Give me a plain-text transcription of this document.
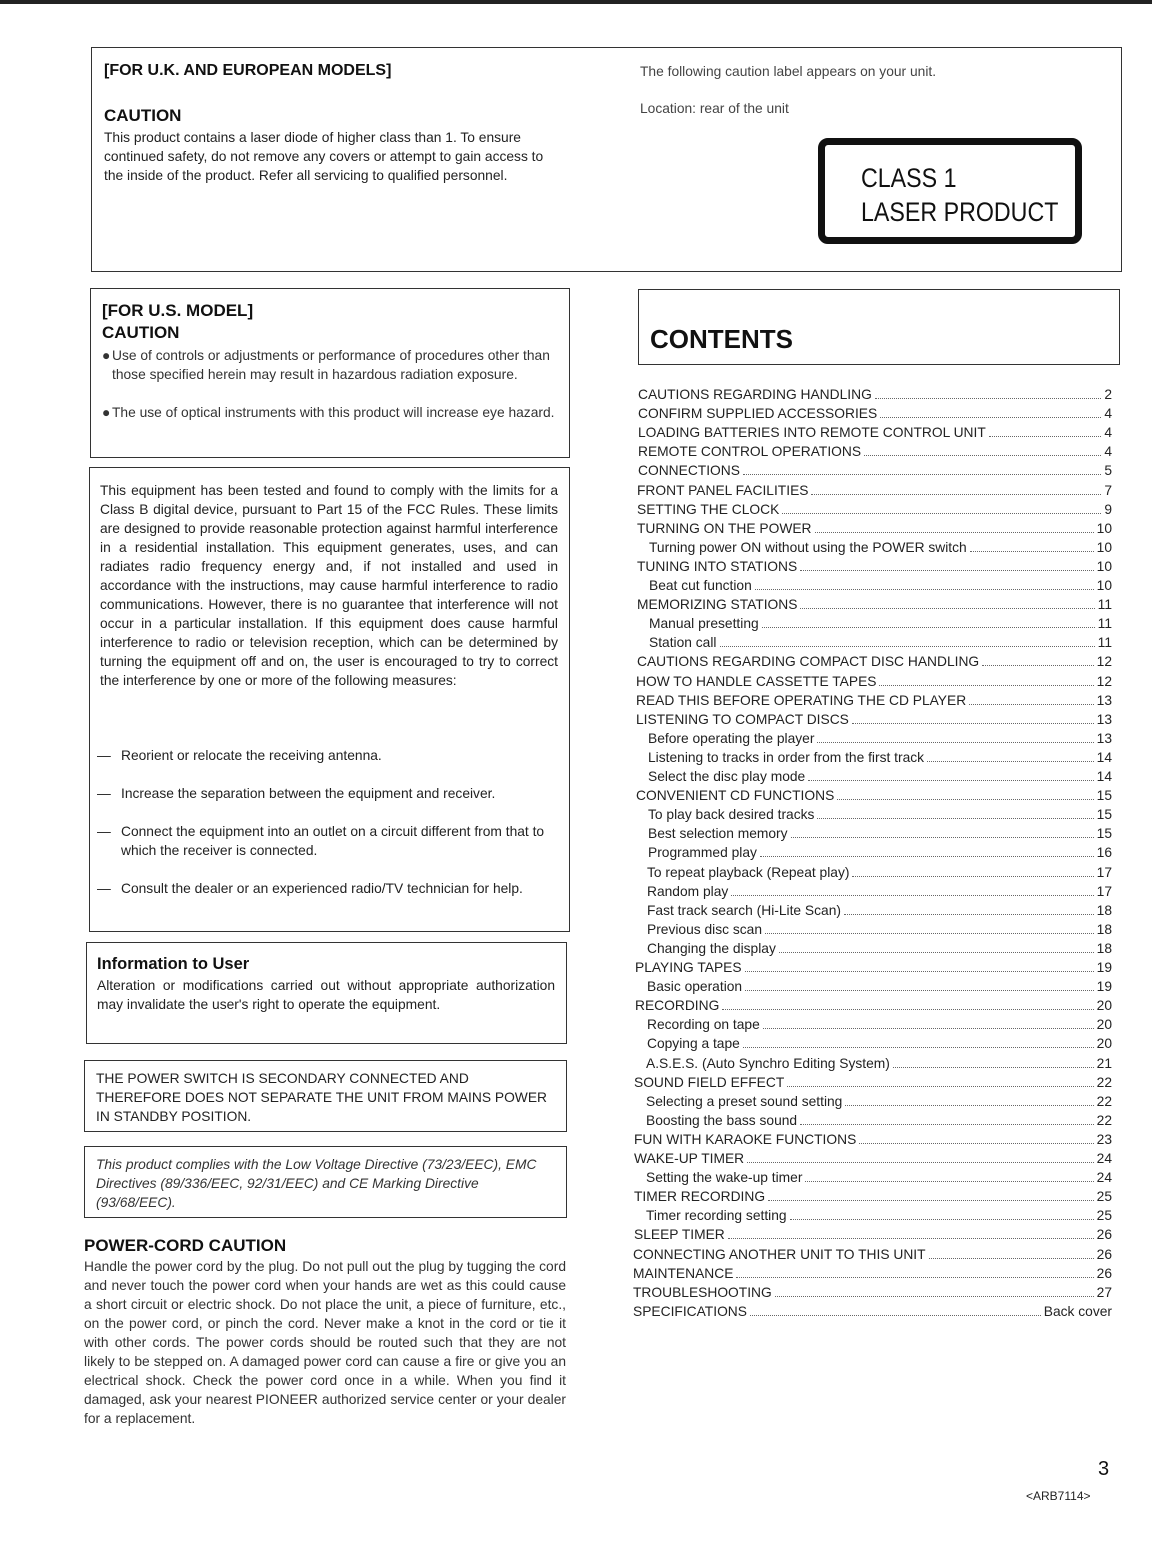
[FOR U.K. AND EUROPEAN MODELS]
CAUTION

This product contains a laser diode of higher class than 1. To ensure continued safety, do not remove any covers or attempt to gain access to the inside of the product. Refer all servicing to qualified personnel.

The following caution label appears on your unit.

Location: rear of the unit

CLASS 1
LASER PRODUCT
[FOR U.S. MODEL]
CAUTION
● Use of controls or adjustments or performance of procedures other than those specified herein may result in hazardous radiation exposure.
● The use of optical instruments with this product will increase eye hazard.

This equipment has been tested and found to comply with the limits for a Class B digital device, pursuant to Part 15 of the FCC Rules. These limits are designed to provide reasonable protection against harmful interference in a residential installation. This equipment generates, uses, and can radiates radio frequency energy and, if not installed and used in accordance with the instructions, may cause harmful interference to radio communications. However, there is no guarantee that interference will not occur in a particular installation. If this equipment does cause harmful interference to radio or television reception, which can be determined by turning the equipment off and on, the user is encouraged to try to correct the interference by one or more of the following measures:

— Reorient or relocate the receiving antenna.
— Increase the separation between the equipment and receiver.
— Connect the equipment into an outlet on a circuit different from that to which the receiver is connected.
— Consult the dealer or an experienced radio/TV technician for help.
Information to User

Alteration or modifications carried out without appropriate authorization may invalidate the user's right to operate the equipment.

THE POWER SWITCH IS SECONDARY CONNECTED AND THEREFORE DOES NOT SEPARATE THE UNIT FROM MAINS POWER IN STANDBY POSITION.

This product complies with the Low Voltage Directive (73/23/EEC), EMC Directives (89/336/EEC, 92/31/EEC) and CE Marking Directive (93/68/EEC).

POWER-CORD CAUTION

Handle the power cord by the plug. Do not pull out the plug by tugging the cord and never touch the power cord when your hands are wet as this could cause a short circuit or electric shock. Do not place the unit, a piece of furniture, etc., on the power cord, or pinch the cord. Never make a knot in the cord or tie it with other cords. The power cords should be routed such that they are not likely to be stepped on. A damaged power cord can cause a fire or give you an electrical shock. Check the power cord once in a while. When you find it damaged, ask your nearest PIONEER authorized service center or your dealer for a replacement.

CONTENTS
CAUTIONS REGARDING HANDLING	2
CONFIRM SUPPLIED ACCESSORIES	4
LOADING BATTERIES INTO REMOTE CONTROL UNIT	4
REMOTE CONTROL OPERATIONS	4
CONNECTIONS	5
FRONT PANEL FACILITIES	7
SETTING THE CLOCK	9
TURNING ON THE POWER	10
Turning power ON without using the POWER switch	10
TUNING INTO STATIONS	10
Beat cut function	10
MEMORIZING STATIONS	11
Manual presetting	11
Station call	11
CAUTIONS REGARDING COMPACT DISC HANDLING	12
HOW TO HANDLE CASSETTE TAPES	12
READ THIS BEFORE OPERATING THE CD PLAYER	13
LISTENING TO COMPACT DISCS	13
Before operating the player	13
Listening to tracks in order from the first track	14
Select the disc play mode	14
CONVENIENT CD FUNCTIONS	15
To play back desired tracks	15
Best selection memory	15
Programmed play	16
To repeat playback (Repeat play)	17
Random play	17
Fast track search (Hi-Lite Scan)	18
Previous disc scan	18
Changing the display	18
PLAYING TAPES	19
Basic operation	19
RECORDING	20
Recording on tape	20
Copying a tape	20
A.S.E.S. (Auto Synchro Editing System)	21
SOUND FIELD EFFECT	22
Selecting a preset sound setting	22
Boosting the bass sound	22
FUN WITH KARAOKE FUNCTIONS	23
WAKE-UP TIMER	24
Setting the wake-up timer	24
TIMER RECORDING	25
Timer recording setting	25
SLEEP TIMER	26
CONNECTING ANOTHER UNIT TO THIS UNIT	26
MAINTENANCE	26
TROUBLESHOOTING	27
SPECIFICATIONS	Back cover
3
<ARB7114>
